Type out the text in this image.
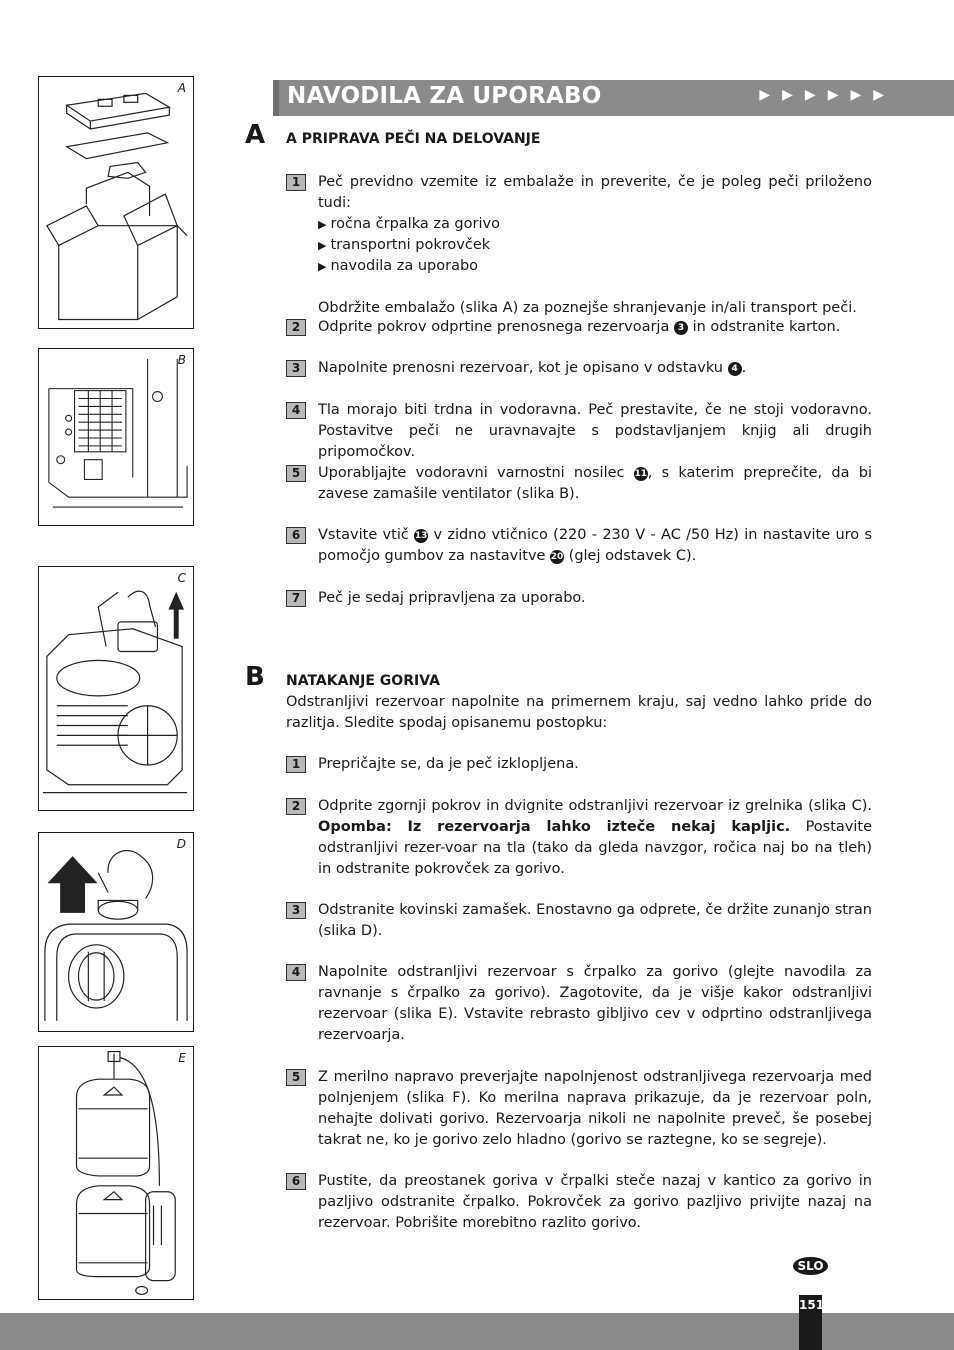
A
B
C
D
E
NAVODILA ZA UPORABO	▶▶▶▶▶▶
A A PRIPRAVA PEČI NA DELOVANJE
1	Peč previdno vzemite iz embalaže in preverite, če je poleg peči priloženo tudi:
▶ ročna črpalka za gorivo
▶ transportni pokrovček
▶ navodila za uporabo
Obdržite embalažo (slika A) za poznejše shranjevanje in/ali transport peči.
2	Odprite pokrov odprtine prenosnega rezervoarja 3 in odstranite karton.
3	Napolnite prenosni rezervoar, kot je opisano v odstavku 4 .
4	Tla morajo biti trdna in vodoravna. Peč prestavite, če ne stoji vodoravno. Postavitve peči ne uravnavajte s podstavljanjem knjig ali drugih pripomočkov.
5	Uporabljajte vodoravni varnostni nosilec 11, s katerim preprečite, da bi zavese zamašile ventilator (slika B).
6	Vstavite vtič 13 v zidno vtičnico (220 - 230 V - AC /50 Hz) in nastavite uro s pomočjo gumbov za nastavitve 20 (glej odstavek C).
7	Peč je sedaj pripravljena za uporabo.
B NATAKANJE GORIVA
Odstranljivi rezervoar napolnite na primernem kraju, saj vedno lahko pride do razlitja. Sledite spodaj opisanemu postopku:
1	Prepričajte se, da je peč izklopljena.
2	Odprite zgornji pokrov in dvignite odstranljivi rezervoar iz grelnika (slika C). Opomba: Iz rezervoarja lahko izteče nekaj kapljic. Postavite odstranljivi rezer-voar na tla (tako da gleda navzgor, ročica naj bo na tleh) in odstranite pokrovček za gorivo.
3	Odstranite kovinski zamašek. Enostavno ga odprete, če držite zunanjo stran (slika D).
4	Napolnite odstranljivi rezervoar s črpalko za gorivo (glejte navodila za ravnanje s črpalko za gorivo). Zagotovite, da je višje kakor odstranljivi rezervoar (slika E). Vstavite rebrasto gibljivo cev v odprtino odstranljivega rezervoarja.
5	Z merilno napravo preverjajte napolnjenost odstranljivega rezervoarja med polnjenjem (slika F). Ko merilna naprava prikazuje, da je rezervoar poln, nehajte dolivati gorivo. Rezervoarja nikoli ne napolnite preveč, še posebej takrat ne, ko je gorivo zelo hladno (gorivo se raztegne, ko se segreje).
6	Pustite, da preostanek goriva v črpalki steče nazaj v kantico za gorivo in pazljivo odstranite črpalko. Pokrovček za gorivo pazljivo privijte nazaj na rezervoar. Pobrišite morebitno razlito gorivo.
SLO
151
